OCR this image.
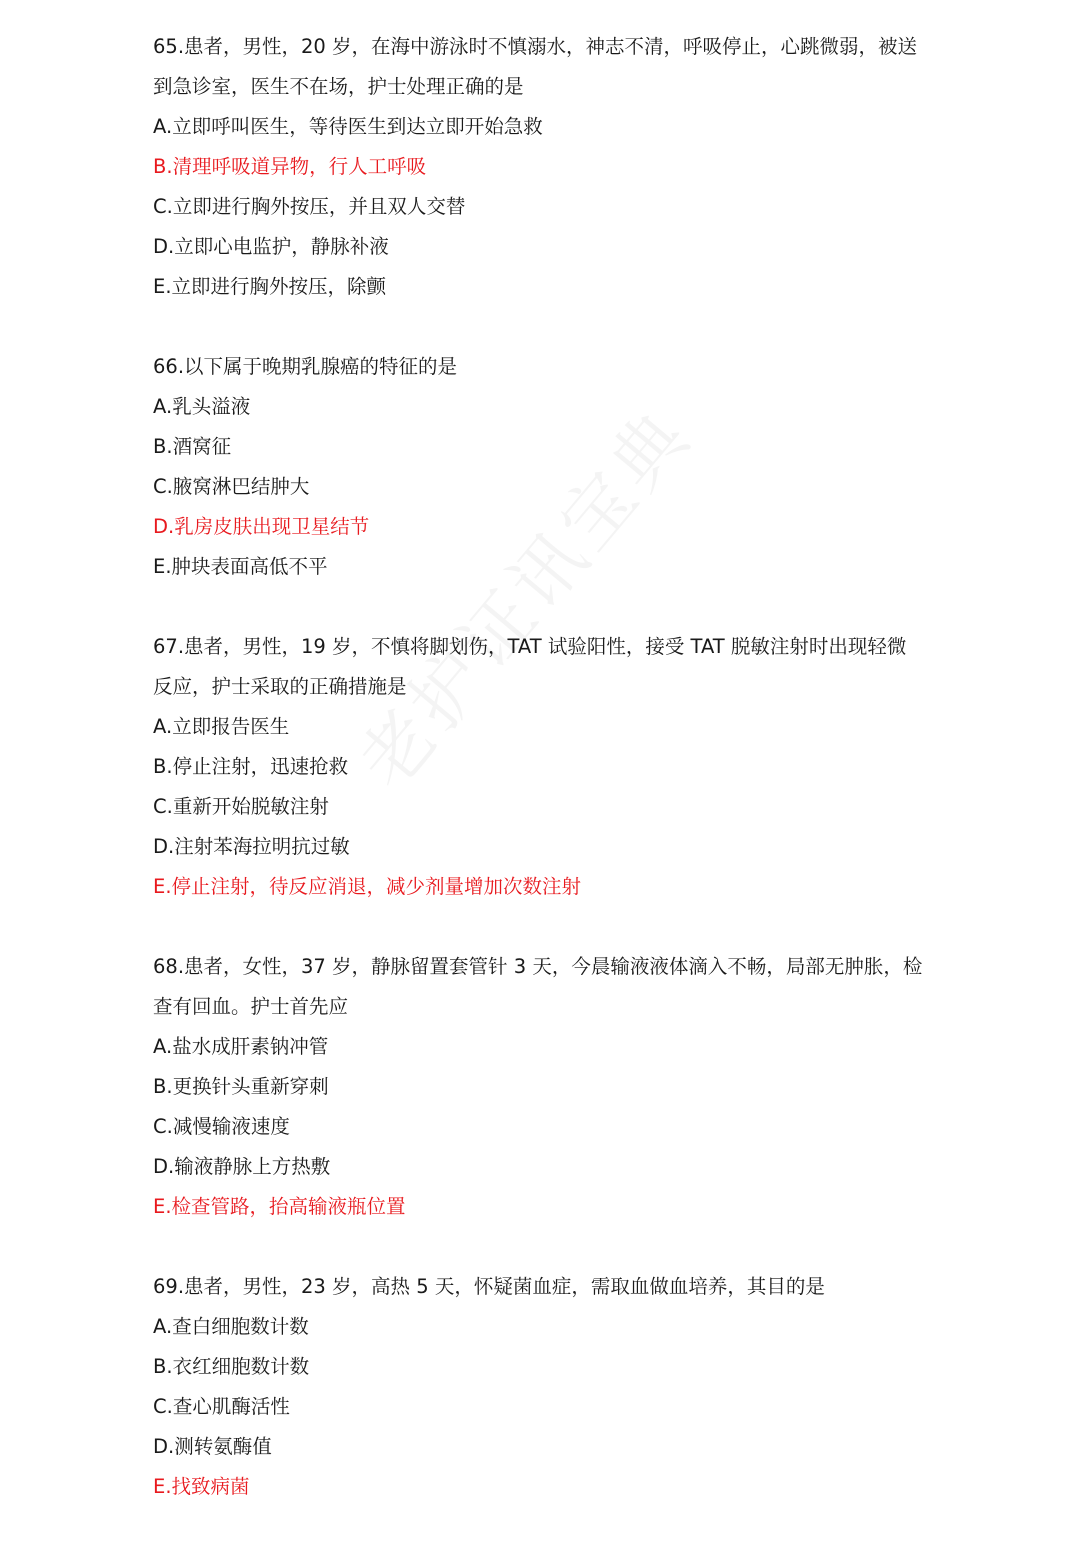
65.患者，男性，20 岁，在海中游泳时不慎溺水，神志不清，呼吸停止，心跳微弱，被送
到急诊室，医生不在场，护士处理正确的是
A.立即呼叫医生，等待医生到达立即开始急救
B.清理呼吸道异物，行人工呼吸
C.立即进行胸外按压，并且双人交替
D.立即心电监护，静脉补液
E.立即进行胸外按压，除颤
66.以下属于晚期乳腺癌的特征的是
A.乳头溢液
B.酒窝征
C.腋窝淋巴结肿大
D.乳房皮肤出现卫星结节
E.肿块表面高低不平
67.患者，男性，19 岁，不慎将脚划伤，TAT 试验阳性，接受 TAT 脱敏注射时出现轻微
反应，护士采取的正确措施是
A.立即报告医生
B.停止注射，迅速抢救
C.重新开始脱敏注射
D.注射苯海拉明抗过敏
E.停止注射，待反应消退，减少剂量增加次数注射
68.患者，女性，37 岁，静脉留置套管针 3 天，今晨输液液体滴入不畅，局部无肿胀，检
查有回血。护士首先应
A.盐水成肝素钠冲管
B.更换针头重新穿刺
C.减慢输液速度
D.输液静脉上方热敷
E.检查管路，抬高输液瓶位置
69.患者，男性，23 岁，高热 5 天，怀疑菌血症，需取血做血培养，其目的是
A.查白细胞数计数
B.衣红细胞数计数
C.查心肌酶活性
D.测转氨酶值
E.找致病菌
